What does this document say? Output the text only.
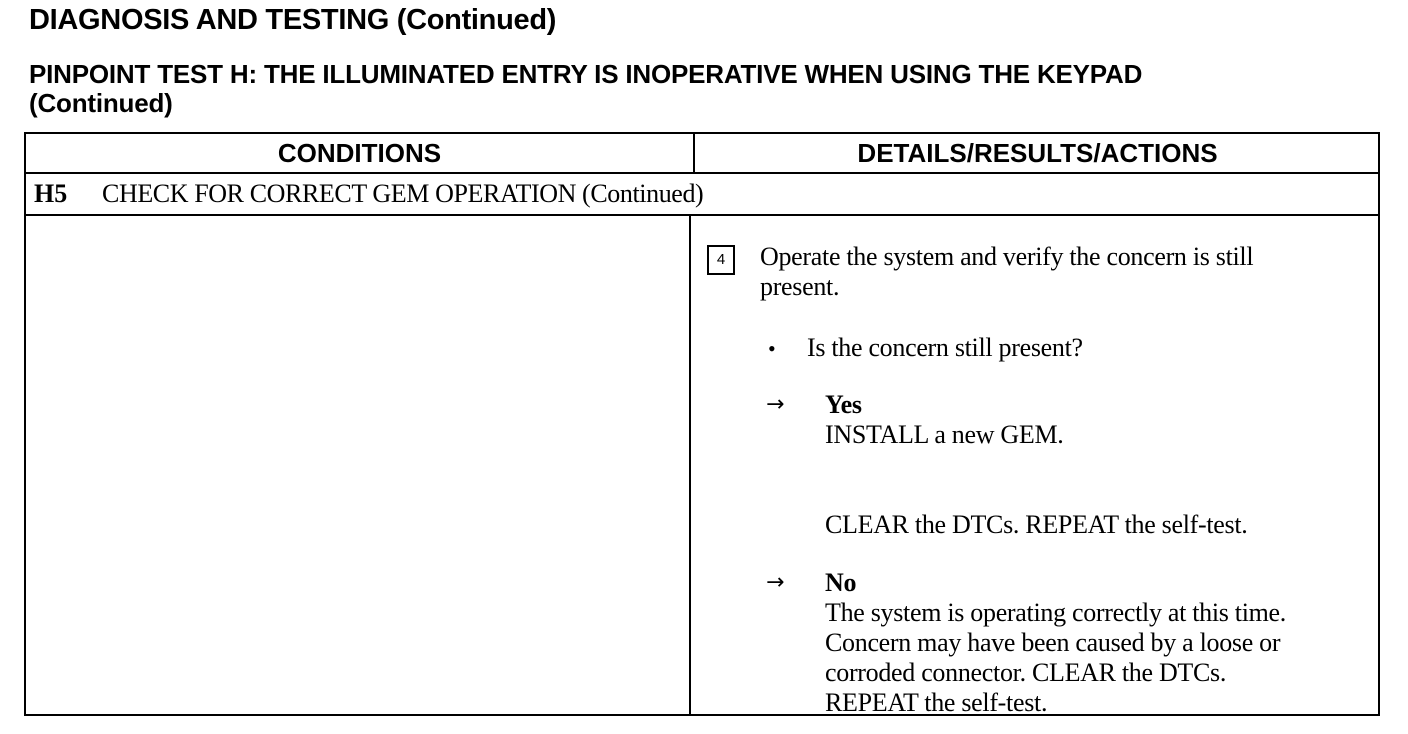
DIAGNOSIS AND TESTING (Continued)
PINPOINT TEST H: THE ILLUMINATED ENTRY IS INOPERATIVE WHEN USING THE KEYPAD
(Continued)
CONDITIONS	DETAILS/RESULTS/ACTIONS
H5 CHECK FOR CORRECT GEM OPERATION (Continued)
4	Operate the system and verify the concern is still
present.
• Is the concern still present?
→ Yes
INSTALL a new GEM.
CLEAR the DTCs. REPEAT the self-test.
→ No
The system is operating correctly at this time.
Concern may have been caused by a loose or
corroded connector. CLEAR the DTCs.
REPEAT the self-test.
